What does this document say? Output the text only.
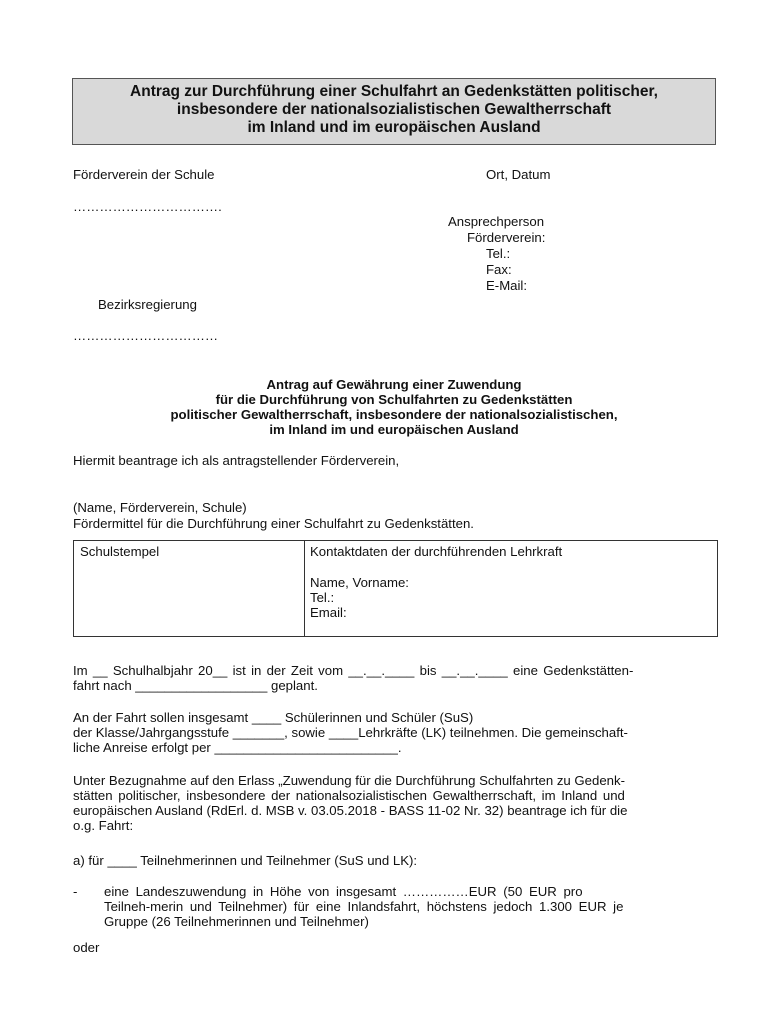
Antrag zur Durchführung einer Schulfahrt an Gedenkstätten politischer,
insbesondere der nationalsozialistischen Gewaltherrschaft
im Inland und im europäischen Ausland
Förderverein der Schule	Ort, Datum
…………………………….
Ansprechperson
Förderverein:
Tel.:
Fax:
E-Mail:
Bezirksregierung
……………………………
Antrag auf Gewährung einer Zuwendung
für die Durchführung von Schulfahrten zu Gedenkstätten
politischer Gewaltherrschaft, insbesondere der nationalsozialistischen,
im Inland im und europäischen Ausland
Hiermit beantrage ich als antragstellender Förderverein,
(Name, Förderverein, Schule)
Fördermittel für die Durchführung einer Schulfahrt zu Gedenkstätten.
Schulstempel	Kontaktdaten der durchführenden Lehrkraft
Name, Vorname:
Tel.:
Email:
Im __ Schulhalbjahr 20__ ist in der Zeit vom __.__.____ bis __.__.____ eine Gedenkstätten-
fahrt nach __________________ geplant.
An der Fahrt sollen insgesamt ____ Schülerinnen und Schüler (SuS)
der Klasse/Jahrgangsstufe _______, sowie ____Lehrkräfte (LK) teilnehmen. Die gemeinschaft-
liche Anreise erfolgt per _________________________.
Unter Bezugnahme auf den Erlass „Zuwendung für die Durchführung Schulfahrten zu Gedenk-
stätten politischer, insbesondere der nationalsozialistischen Gewaltherrschaft, im Inland und
europäischen Ausland (RdErl. d. MSB v. 03.05.2018 - BASS 11-02 Nr. 32) beantrage ich für die
o.g. Fahrt:
a) für ____ Teilnehmerinnen und Teilnehmer (SuS und LK):
- eine Landeszuwendung in Höhe von insgesamt ……………EUR (50 EUR pro
Teilneh-merin und Teilnehmer) für eine Inlandsfahrt, höchstens jedoch 1.300 EUR je
Gruppe (26 Teilnehmerinnen und Teilnehmer)
oder
